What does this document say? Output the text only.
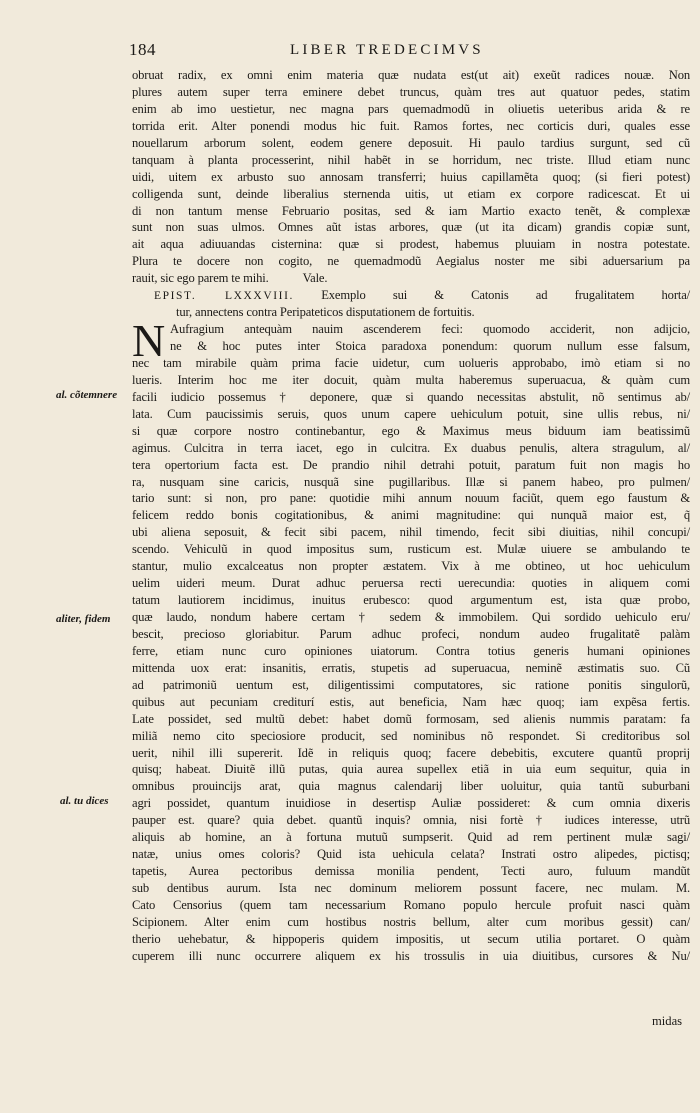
184	LIBER TREDECIMVS
obruat radix, ex omni enim materia quæ nudata est(ut ait) exeũt radices nouæ. Non
plures autem super terra eminere debet truncus, quàm tres aut quatuor pedes, statim
enim ab imo uestietur, nec magna pars quemadmodũ in oliuetis ueteribus arida & re
torrida erit. Alter ponendi modus hic fuit. Ramos fortes, nec corticis duri, quales esse
nouellarum arborum solent, eodem genere deposuit. Hi paulo tardius surgunt, sed cũ
tanquam à planta processerint, nihil habẽt in se horridum, nec triste. Illud etiam nunc
uidi, uitem ex arbusto suo annosam transferri; huius capillamẽta quoq; (si fieri potest)
colligenda sunt, deinde liberalius sternenda uitis, ut etiam ex corpore radicescat. Et ui
di non tantum mense Februario positas, sed & iam Martio exacto tenẽt, & complexæ
sunt non suas ulmos. Omnes aũt istas arbores, quæ (ut ita dicam) grandis copiæ sunt,
ait aqua adiuuandas cisternina: quæ si prodest, habemus pluuiam in nostra potestate.
Plura te docere non cogito, ne quemadmodũ Aegialus noster me sibi aduersarium pa
rauit, sic ego parem te mihi.	Vale.
EPIST. LXXXVIII. Exemplo sui & Catonis ad frugalitatem horta/
tur, annectens contra Peripateticos disputationem de fortuitis.
Aufragium antequàm nauim ascenderem feci: quomodo acciderit, non adijcio,
ne & hoc putes inter Stoica paradoxa ponendum: quorum nullum esse falsum,
nec tam mirabile quàm prima facie uidetur, cum uolueris approbabo, imò etiam si no
lueris. Interim hoc me iter docuit, quàm multa haberemus superuacua, & quàm cum
facili iudicio possemus † deponere, quæ si quando necessitas abstulit, nõ sentimus ab/
lata. Cum paucissimis seruis, quos unum capere uehiculum potuit, sine ullis rebus, ni/
si quæ corpore nostro continebantur, ego & Maximus meus biduum iam beatissimũ
agimus. Culcitra in terra iacet, ego in culcitra. Ex duabus penulis, altera stragulum, al/
tera opertorium facta est. De prandio nihil detrahi potuit, paratum fuit non magis ho
ra, nusquam sine caricis, nusquã sine pugillaribus. Illæ si panem habeo, pro pulmen/
tario sunt: si non, pro pane: quotidie mihi annum nouum faciũt, quem ego faustum &
felicem reddo bonis cogitationibus, & animi magnitudine: qui nunquã maior est, q̃
ubi aliena seposuit, & fecit sibi pacem, nihil timendo, fecit sibi diuitias, nihil concupi/
scendo. Vehiculũ in quod impositus sum, rusticum est. Mulæ uiuere se ambulando te
stantur, mulio excalceatus non propter æstatem. Vix à me obtineo, ut hoc uehiculum
uelim uideri meum. Durat adhuc peruersa recti uerecundia: quoties in aliquem comi
tatum lautiorem incidimus, inuitus erubesco: quod argumentum est, ista quæ probo,
quæ laudo, nondum habere certam † sedem & immobilem. Qui sordido uehiculo eru/
bescit, precioso gloriabitur. Parum adhuc profeci, nondum audeo frugalitatẽ palàm
ferre, etiam nunc curo opiniones uiatorum. Contra totius generis humani opiniones
mittenda uox erat: insanitis, erratis, stupetis ad superuacua, neminẽ æstimatis suo. Cũ
ad patrimoniũ uentum est, diligentissimi computatores, sic ratione ponitis singulorũ,
quibus aut pecuniam crediturí estis, aut beneficia, Nam hæc quoq; iam expẽsa fertis.
Late possidet, sed multũ debet: habet domũ formosam, sed alienis nummis paratam: fa
miliã nemo cito speciosiore producit, sed nominibus nõ respondet. Si creditoribus sol
uerit, nihil illi supererit. Idẽ in reliquis quoq; facere debebitis, excutere quantũ proprij
quisq; habeat. Diuitẽ illũ putas, quia aurea supellex etiã in uia eum sequitur, quia in
omnibus prouincijs arat, quia magnus calendarij liber uoluitur, quia tantũ suburbani
agri possidet, quantum inuidiose in desertisp Auliæ possideret: & cum omnia dixeris
pauper est. quare? quia debet. quantũ inquis? omnia, nisi fortè † iudices interesse, utrũ
aliquis ab homine, an à fortuna mutuũ sumpserit. Quid ad rem pertinent mulæ sagi/
natæ, unius omes coloris? Quid ista uehicula celata? Instrati ostro alipedes, pictisq;
tapetis, Aurea pectoribus demissa monilia pendent, Tecti auro, fuluum mandũt
sub dentibus aurum. Ista nec dominum meliorem possunt facere, nec mulam. M.
Cato Censorius (quem tam necessarium Romano populo hercule profuit nasci quàm
Scipionem. Alter enim cum hostibus nostris bellum, alter cum moribus gessit) can/
therio uehebatur, & hippoperis quidem impositis, ut secum utilia portaret. O quàm
cuperem illi nunc occurrere aliquem ex his trossulis in uia diuitibus, cursores & Nu/
N
al. cõtemnere
aliter, fidem
al. tu dices
midas
